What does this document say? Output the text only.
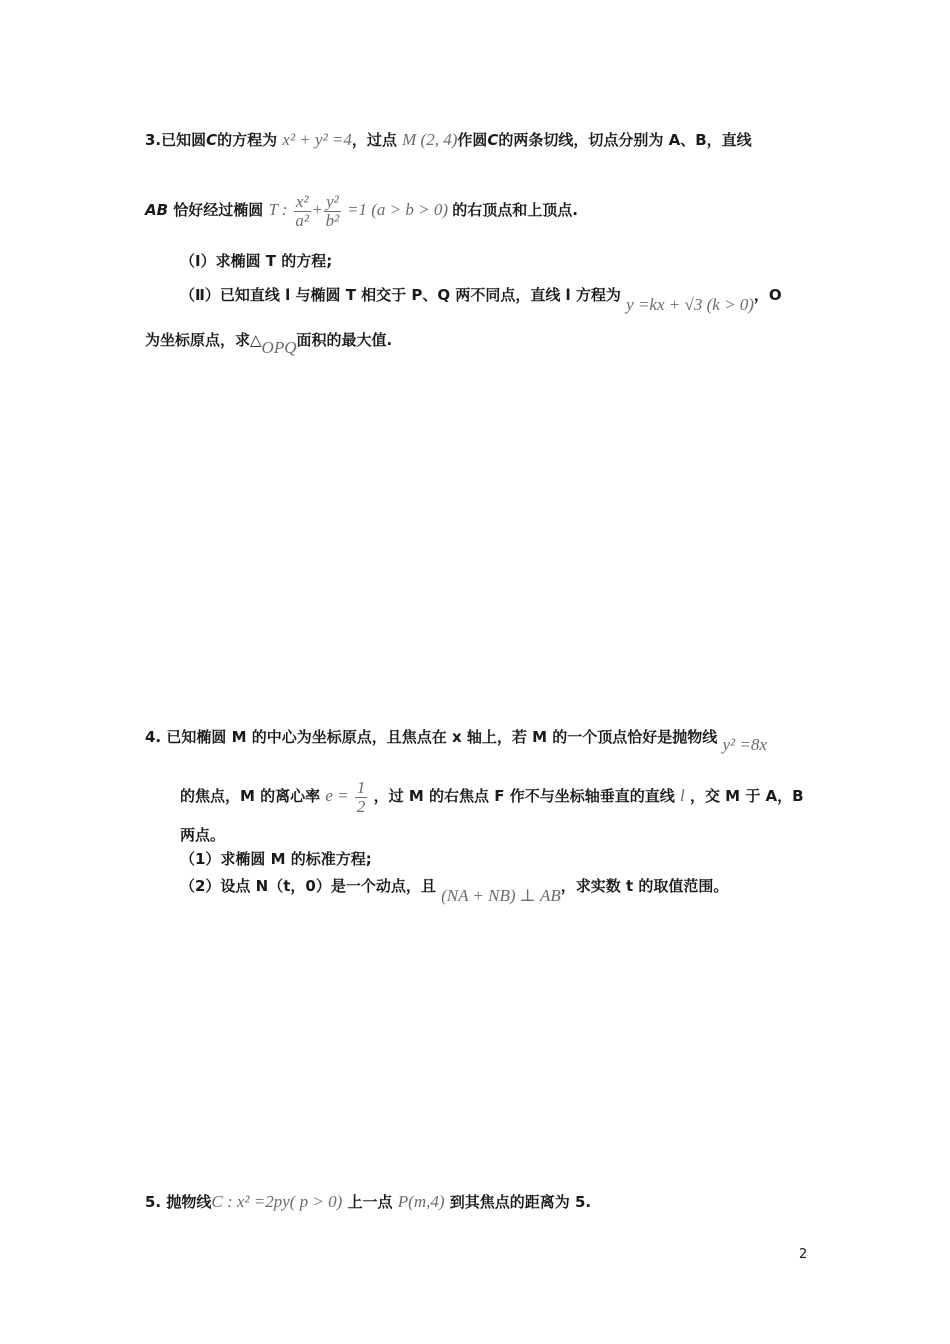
3.已知圆C的方程为 x² + y² =4，过点 M (2, 4)作圆C的两条切线，切点分别为 A、B，直线
AB 恰好经过椭圆 T : $\frac{\text{x²}}{\text{a²}} + \frac{\text{y²}}{\text{b²}} =1$ (a > b > 0) 的右顶点和上顶点.
（Ⅰ）求椭圆 T 的方程;
（Ⅱ）已知直线 l 与椭圆 T 相交于 P、Q 两不同点，直线 l 方程为 y =kx + √3 (k > 0)，O
为坐标原点，求△OPQ面积的最大值.
4. 已知椭圆 M 的中心为坐标原点，且焦点在 x 轴上，若 M 的一个顶点恰好是抛物线 y² =8x
的焦点，M 的离心率 $e = \frac{1}{2}$ ，过 M 的右焦点 F 作不与坐标轴垂直的直线 l ，交 M 于 A，B
两点。
（1）求椭圆 M 的标准方程;
（2）设点 N（t，0）是一个动点，且 (NA + NB) ⊥ AB，求实数 t 的取值范围。
5. 抛物线C : x² =2py( p > 0) 上一点 P(m,4) 到其焦点的距离为 5.
2
